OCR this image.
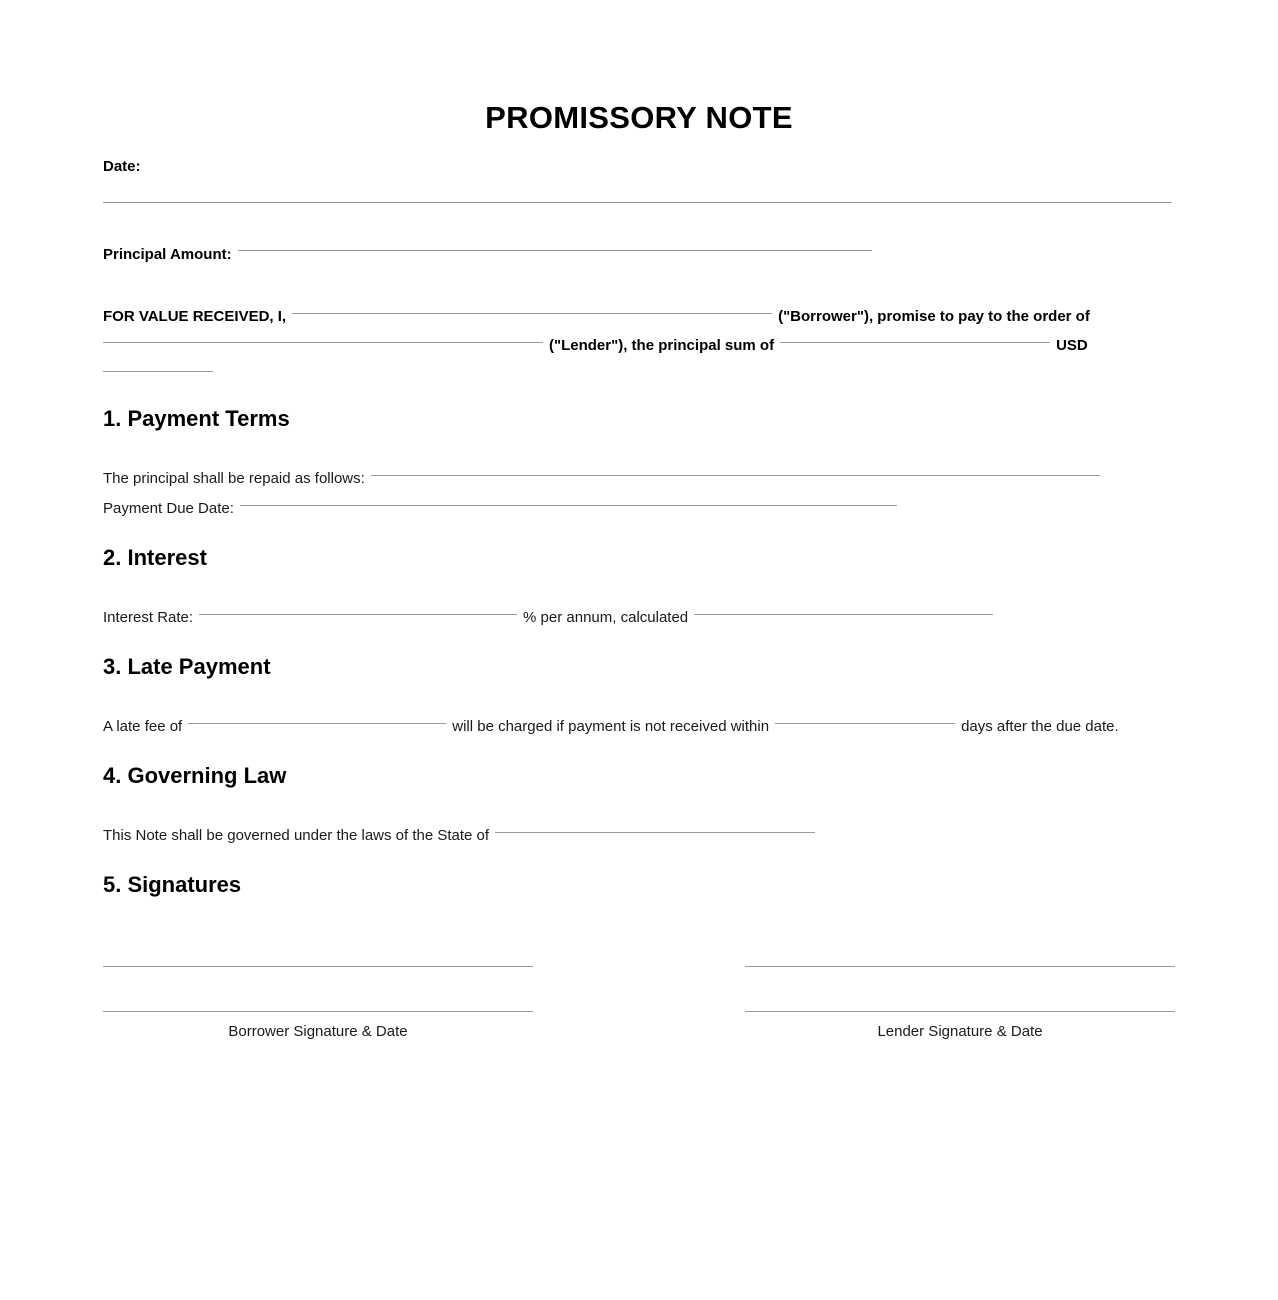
PROMISSORY NOTE
Date:
Principal Amount:
FOR VALUE RECEIVED, I,	("Borrower"), promise to pay to the order of
("Lender"), the principal sum of	USD
1. Payment Terms
The principal shall be repaid as follows:
Payment Due Date:
2. Interest
Interest Rate:	% per annum, calculated
3. Late Payment
A late fee of	will be charged if payment is not received within	days after the due date.
4. Governing Law
This Note shall be governed under the laws of the State of
5. Signatures
Borrower Signature & Date	Lender Signature & Date
